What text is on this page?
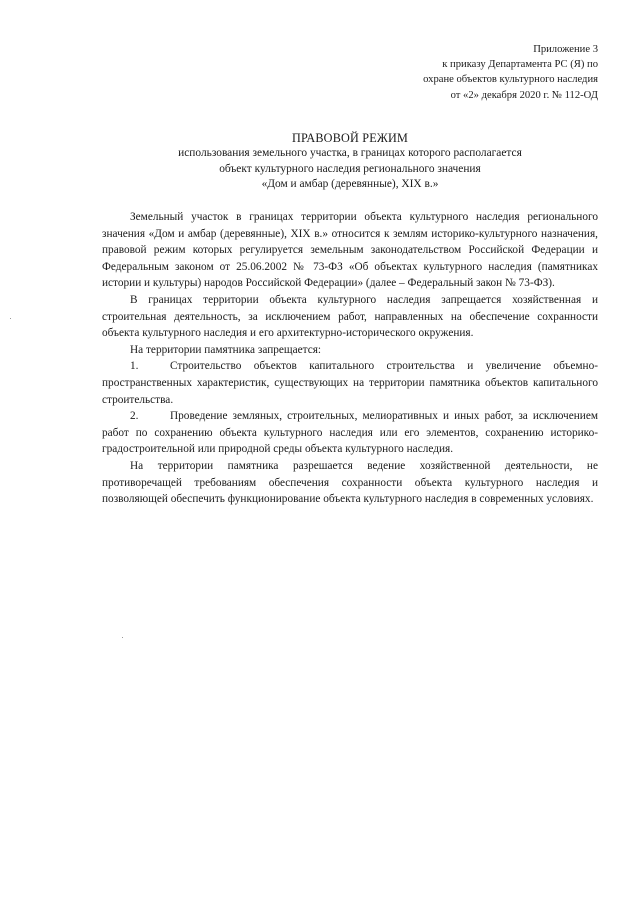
Приложение 3
к приказу Департамента РС (Я) по
охране объектов культурного наследия
от «2» декабря 2020 г. № 112-ОД
ПРАВОВОЙ РЕЖИМ
использования земельного участка, в границах которого располагается
объект культурного наследия регионального значения
«Дом и амбар (деревянные), XIX в.»

Земельный участок в границах территории объекта культурного наследия регионального значения «Дом и амбар (деревянные), XIX в.» относится к землям историко-культурного назначения, правовой режим которых регулируется земельным законодательством Российской Федерации и Федеральным законом от 25.06.2002 № 73-ФЗ «Об объектах культурного наследия (памятниках истории и культуры) народов Российской Федерации» (далее – Федеральный закон № 73-ФЗ).

В границах территории объекта культурного наследия запрещается хозяйственная и строительная деятельность, за исключением работ, направленных на обеспечение сохранности объекта культурного наследия и его архитектурно-исторического окружения.

На территории памятника запрещается:

1.	Строительство объектов капитального строительства и увеличение объемно-пространственных характеристик, существующих на территории памятника объектов капитального строительства.

2.	Проведение земляных, строительных, мелиоративных и иных работ, за исключением работ по сохранению объекта культурного наследия или его элементов, сохранению историко-градостроительной или природной среды объекта культурного наследия.

На территории памятника разрешается ведение хозяйственной деятельности, не противоречащей требованиям обеспечения сохранности объекта культурного наследия и позволяющей обеспечить функционирование объекта культурного наследия в современных условиях.
